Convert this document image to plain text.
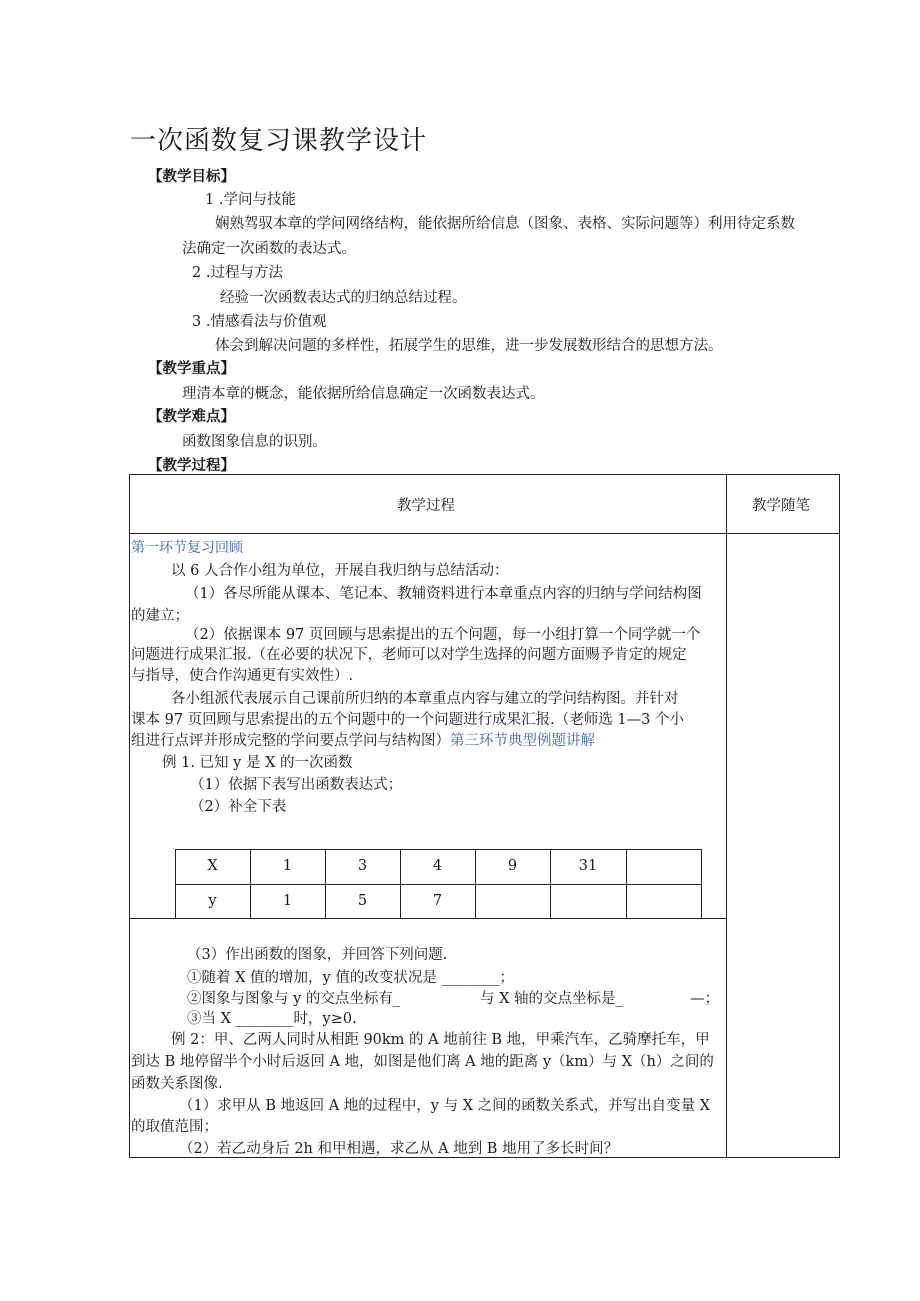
一次函数复习课教学设计
【教学目标】
1 .学问与技能
娴熟驾驭本章的学问网络结构，能依据所给信息（图象、表格、实际问题等）利用待定系数
法确定一次函数的表达式。
2 .过程与方法
经验一次函数表达式的归纳总结过程。
3 .情感看法与价值观
体会到解决问题的多样性，拓展学生的思维，进一步发展数形结合的思想方法。
【教学重点】
理清本章的概念，能依据所给信息确定一次函数表达式。
【教学难点】
函数图象信息的识别。
【教学过程】
教学过程	教学随笔
第一环节复习回顾
以 6 人合作小组为单位，开展自我归纳与总结活动：
（1）各尽所能从课本、笔记本、教辅资料进行本章重点内容的归纳与学问结构图
的建立；
（2）依据课本 97 页回顾与思索提出的五个问题，每一小组打算一个同学就一个
问题进行成果汇报.（在必要的状况下，老师可以对学生选择的问题方面赐予肯定的规定
与指导，使合作沟通更有实效性）.
各小组派代表展示自己课前所归纳的本章重点内容与建立的学问结构图。并针对
课本 97 页回顾与思索提出的五个问题中的一个问题进行成果汇报.（老师选 1—3 个小
组进行点评并形成完整的学问要点学问与结构图）第三环节典型例题讲解
例 1. 已知 y 是 X 的一次函数
（1）依据下表写出函数表达式；
（2）补全下表
X	1	3	4	9	31
y	1	5	7
（3）作出函数的图象，并回答下列问题.
①随着 X 值的增加，y 值的改变状况是 ________；
②图象与图象与 y 的交点坐标有_	与 X 轴的交点坐标是_	—；
③当 X ________时，y≥0.
例 2：甲、乙两人同时从相距 90km 的 A 地前往 B 地，甲乘汽车，乙骑摩托车，甲
到达 B 地停留半个小时后返回 A 地，如图是他们离 A 地的距离 y（km）与 X（h）之间的
函数关系图像.
（1）求甲从 B 地返回 A 地的过程中，y 与 X 之间的函数关系式，并写出自变量 X
的取值范围；
（2）若乙动身后 2h 和甲相遇，求乙从 A 地到 B 地用了多长时间？
